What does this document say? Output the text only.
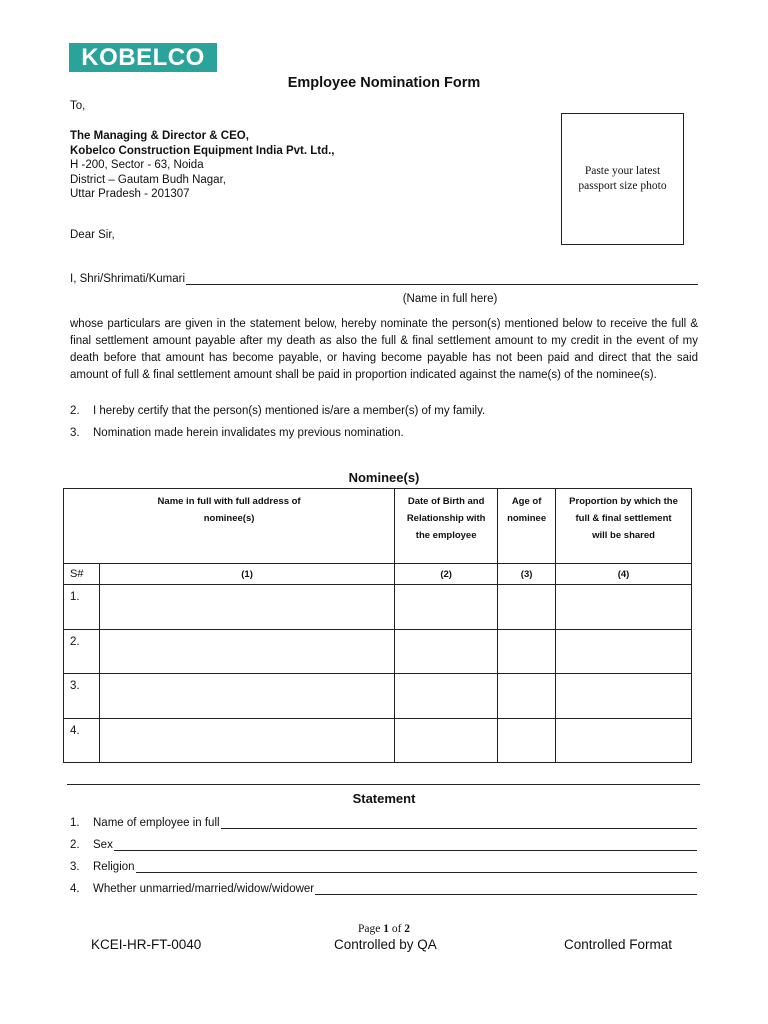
KOBELCO
Employee Nomination Form
To,
The Managing & Director & CEO,
Kobelco Construction Equipment India Pvt. Ltd.,
H -200, Sector - 63, Noida
District – Gautam Budh Nagar,
Uttar Pradesh - 201307
Paste your latest passport size photo
Dear Sir,
I, Shri/Shrimati/Kumari
(Name in full here)
whose particulars are given in the statement below, hereby nominate the person(s) mentioned below to receive the full & final settlement amount payable after my death as also the full & final settlement amount to my credit in the event of my death before that amount has become payable, or having become payable has not been paid and direct that the said amount of full & final settlement amount shall be paid in proportion indicated against the name(s) of the nominee(s).
2.	I hereby certify that the person(s) mentioned is/are a member(s) of my family.
3.	Nomination made herein invalidates my previous nomination.
Nominee(s)
Name in full with full address of nominee(s)		Date of Birth and Relationship with the employee	Age of nominee	Proportion by which the full & final settlement will be shared

S#	(1)	(2)	(3)	(4)
1.				
2.				
3.				
4.				
Statement
1.	Name of employee in full
2.	Sex
3.	Religion
4.	Whether unmarried/married/widow/widower
Page 1 of 2
KCEI-HR-FT-0040	Controlled by QA	Controlled Format
